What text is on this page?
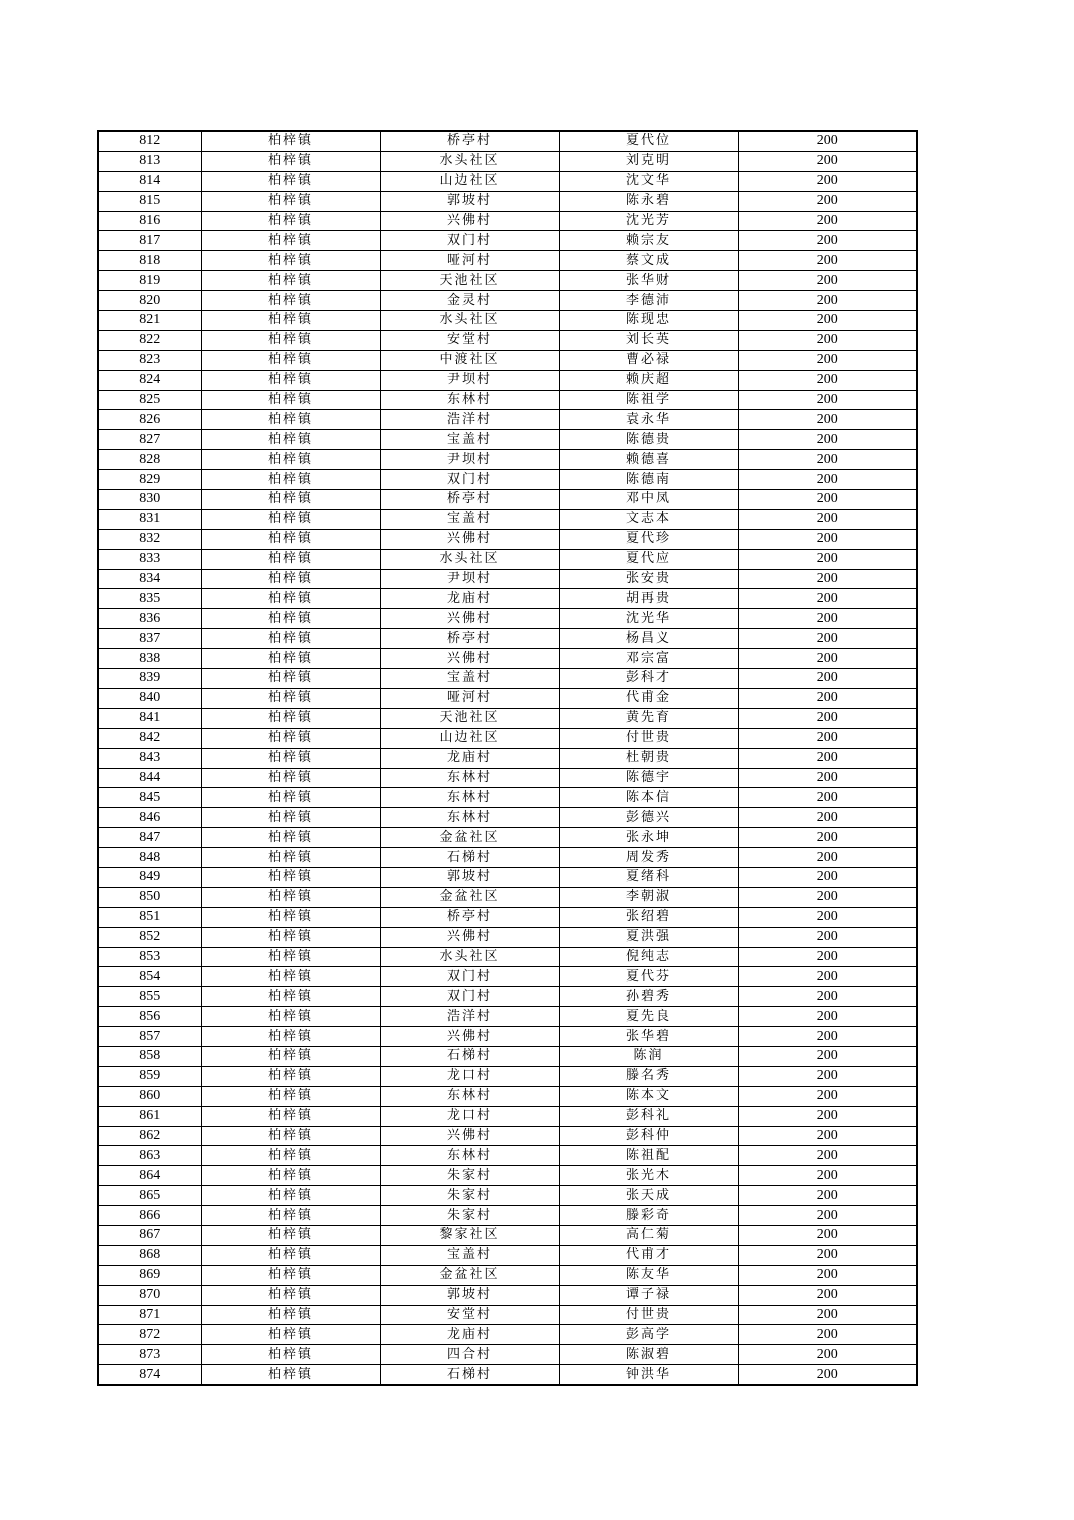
812	柏梓镇	桥亭村	夏代位	200
813	柏梓镇	水头社区	刘克明	200
814	柏梓镇	山边社区	沈文华	200
815	柏梓镇	郭坡村	陈永碧	200
816	柏梓镇	兴佛村	沈光芳	200
817	柏梓镇	双门村	赖宗友	200
818	柏梓镇	哑河村	蔡文成	200
819	柏梓镇	天池社区	张华财	200
820	柏梓镇	金灵村	李德沛	200
821	柏梓镇	水头社区	陈现忠	200
822	柏梓镇	安堂村	刘长英	200
823	柏梓镇	中渡社区	曹必禄	200
824	柏梓镇	尹坝村	赖庆超	200
825	柏梓镇	东林村	陈祖学	200
826	柏梓镇	浩洋村	袁永华	200
827	柏梓镇	宝盖村	陈德贵	200
828	柏梓镇	尹坝村	赖德喜	200
829	柏梓镇	双门村	陈德南	200
830	柏梓镇	桥亭村	邓中凤	200
831	柏梓镇	宝盖村	文志本	200
832	柏梓镇	兴佛村	夏代珍	200
833	柏梓镇	水头社区	夏代应	200
834	柏梓镇	尹坝村	张安贵	200
835	柏梓镇	龙庙村	胡再贵	200
836	柏梓镇	兴佛村	沈光华	200
837	柏梓镇	桥亭村	杨昌义	200
838	柏梓镇	兴佛村	邓宗富	200
839	柏梓镇	宝盖村	彭科才	200
840	柏梓镇	哑河村	代甫金	200
841	柏梓镇	天池社区	黄先育	200
842	柏梓镇	山边社区	付世贵	200
843	柏梓镇	龙庙村	杜朝贵	200
844	柏梓镇	东林村	陈德宇	200
845	柏梓镇	东林村	陈本信	200
846	柏梓镇	东林村	彭德兴	200
847	柏梓镇	金盆社区	张永坤	200
848	柏梓镇	石梯村	周发秀	200
849	柏梓镇	郭坡村	夏绪科	200
850	柏梓镇	金盆社区	李朝淑	200
851	柏梓镇	桥亭村	张绍碧	200
852	柏梓镇	兴佛村	夏洪强	200
853	柏梓镇	水头社区	倪纯志	200
854	柏梓镇	双门村	夏代芬	200
855	柏梓镇	双门村	孙碧秀	200
856	柏梓镇	浩洋村	夏先良	200
857	柏梓镇	兴佛村	张华碧	200
858	柏梓镇	石梯村	陈润	200
859	柏梓镇	龙口村	滕名秀	200
860	柏梓镇	东林村	陈本文	200
861	柏梓镇	龙口村	彭科礼	200
862	柏梓镇	兴佛村	彭科仲	200
863	柏梓镇	东林村	陈祖配	200
864	柏梓镇	朱家村	张光木	200
865	柏梓镇	朱家村	张天成	200
866	柏梓镇	朱家村	滕彩奇	200
867	柏梓镇	黎家社区	高仁菊	200
868	柏梓镇	宝盖村	代甫才	200
869	柏梓镇	金盆社区	陈友华	200
870	柏梓镇	郭坡村	谭子禄	200
871	柏梓镇	安堂村	付世贵	200
872	柏梓镇	龙庙村	彭高学	200
873	柏梓镇	四合村	陈淑碧	200
874	柏梓镇	石梯村	钟洪华	200
